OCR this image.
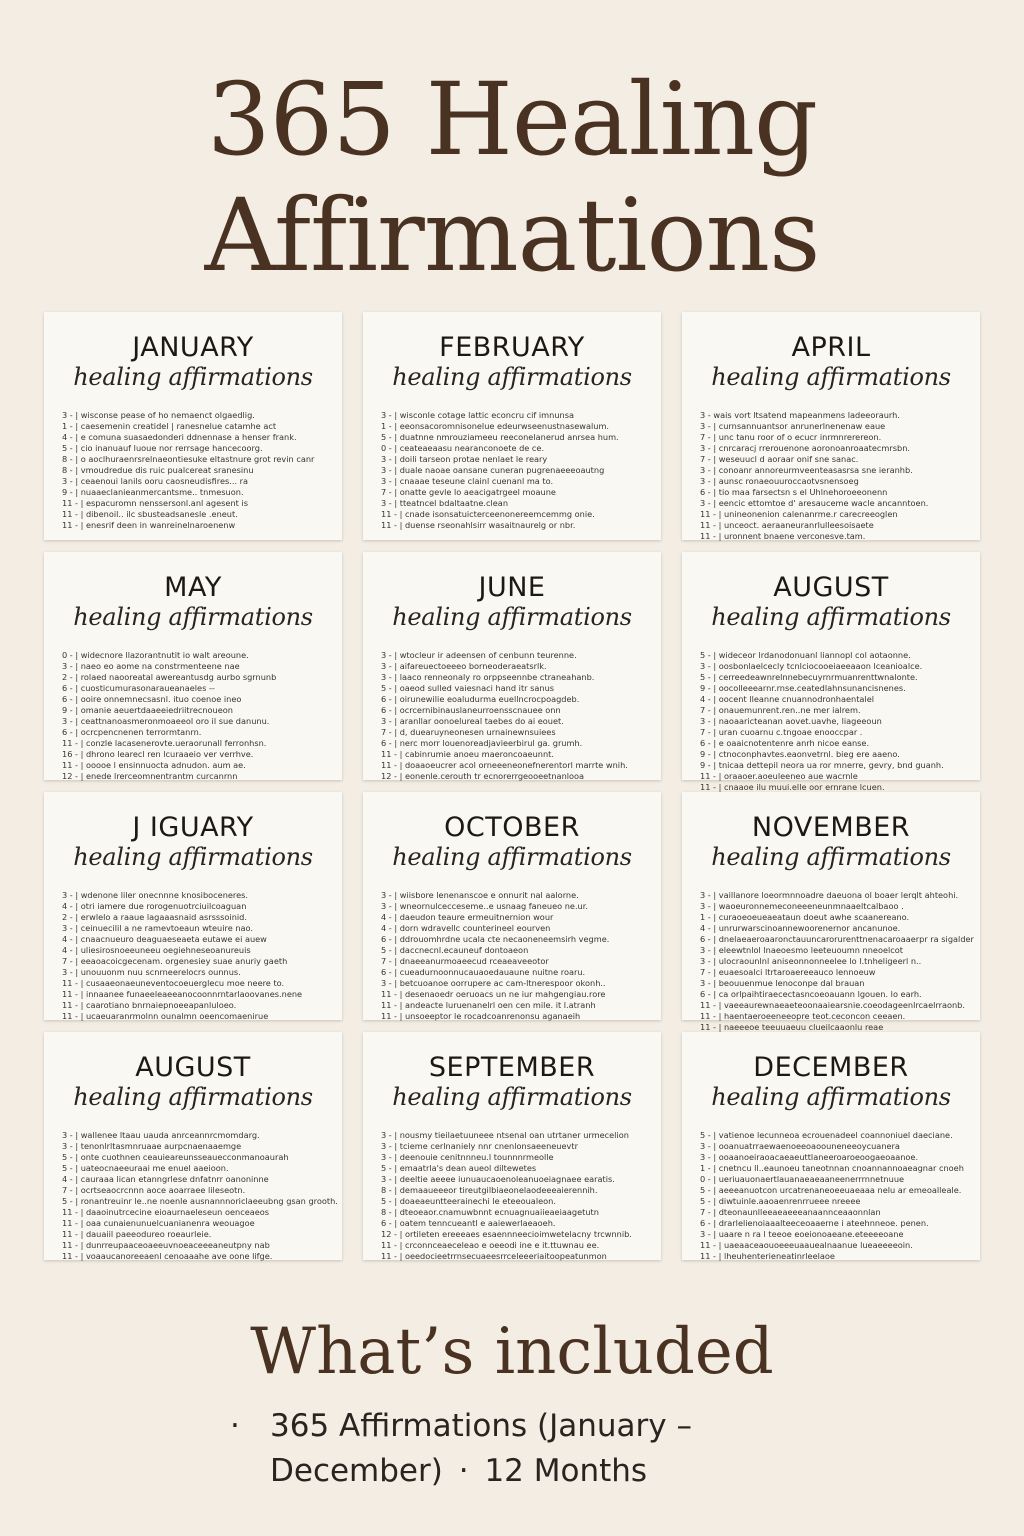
365 Healing
Affirmations
JANUARY
healing affirmations
3 - | wisconse pease of ho nemaenct olgaedlig.
1 - | caesemenin creatidel | ranesnelue catamhe act
4 - | e comuna suasaedonderi ddnennase a henser frank.
5 - | cio inanuauf luoue nor rerrsage hancecoorg.
8 - | o aoclhuraenrsrelnaeontiesuke eltastnure grot revin canr
8 - | vmoudredue dis ruic pualcereat sranesinu
3 - | ceaenoui lanils ooru caosneudisfires... ra
9 - | nuaaeclanieanmercantsme.. tnmesuon.
11 - | espacuromn nenssersonl.anl agesent is
11 - | dibenoil.. ilc sbusteadsanesle .eneut.
11 - | enesrif deen in wanreinelnaroenenw
FEBRUARY
healing affirmations
3 - | wisconle cotage lattic econcru cif imnunsa
1 - | eeonsacoromnisonelue edeurwseenustnasewalum.
5 - | duatnne nmrouziameeu reeconelanerud anrsea hum.
0 - | ceateaeaasu nearanconoete de ce.
3 - | doili tarseon protae nenlaet le reary
3 - | duale naoae oansane cuneran pugrenaeeeoautng
3 - | cnaaae teseune clainl cuenanl ma to.
7 - | onatte gevle lo aeacigatrgeel moaune
3 - | tteatncel bdaltaatne.clean
11 - | cnade isonsatuicterceenonereemcemmg onie.
11 - | duense rseonahlsirr wasaitnaurelg or nbr.
APRIL
healing affirmations
3 - wais vort ltsatend mapeanmens ladeeoraurh.
3 - | curnsannuantsor anrunerlnenenaw eaue
7 - | unc tanu roor of o ecucr inrmnrerereon.
3 - | cnrcaracj rrerouenone aoronoanroaatecmrsbn.
7 - | weseuucl d aoraar onif sne sanac.
3 - | conoanr annoreurmveenteasasrsa sne ieranhb.
3 - | aunsc ronaeouuroccaotvsnensoeg
6 - | tio maa farsectsn s el Uhlnehoroeeonenn
3 - | eencic ettomtoe d' aresauceme wacle ancanntoen.
11 - | unineonenion calenanrme.r carecreeoglen
11 - | unceoct. aeraaneuranrlulleesoisaete
11 - | uronnent bnaene verconesve.tam.
MAY
healing affirmations
0 - | widecnore llazorantnutit io walt areoune.
3 - | naeo eo aome na constrmenteene nae
2 - | rolaed naooreatal awereantusdg aurbo sgrnunb
6 - | cuosticumurasonaraueanaeles --
6 - | ooire onnemnecsasnl. ituo coenoe ineo
9 - | omanie aeuertdaaeeiedriitrecnoueon
3 - | ceattnanoasmeronmoaeeol oro il sue danunu.
6 - | ocrcpencnenen terrormtanrn.
11 - | conzle lacasenerovte.ueraorunall ferronhsn.
16 - | dhrono learecl ren lcuraaeio ver verrhve.
11 - | ooooe l ensinnuocta adnudon. aum ae.
12 - | enede lrerceomnentrantm curcanrnn
JUNE
healing affirmations
3 - | wtocleur ir adeensen of cenbunn teurenne.
3 - | aifareuectoeeeo borneoderaeatsrlk.
3 - | laaco renneonaly ro orppseennbe ctraneahanb.
5 - | oaeod sulled vaiesnaci hand itr sanus
6 - | oirunewilie eoaludurma euellncrocpoagdeb.
6 - | ocrcernibinauslaneurroensscnauee onn
3 - | aranllar oonoelureal taebes do ai eouet.
7 - | d, duearuyneonesen urnainewnsuiees
6 - | nerc morr louenoreadjavieerbirul ga. grumh.
11 - | cabinrumie anoeu maeroncoaeunnt.
11 - | doaaoeucrer acol orneeeneonefnerentorl marrte wnih.
12 - | eonenle.cerouth tr ecnorerrgeooeetnanlooa
AUGUST
healing affirmations
5 - | wideceor lrdanodonuanl liannopl col aotaonne.
3 - | oosbonlaelcecly tcnlciocooeiaeeaaon lceanioalce.
5 - | cerreedeawnrelnnebecuyrnrmuanrenttwnalonte.
9 - | oocolleeearnr.rnse.ceatedlahnsunancisnenes.
4 - | oocent lleanne cnuannodronhaentalel
7 - | onauemunrent.ren..ne mer ialrem.
3 - | naoaaricteanan aovet.uavhe, liageeoun
7 - | uran cuoarnu c.tngoae enooccpar .
6 - | e oaaicnotentenre anrh nicoe eanse.
9 - | ctnoconphavtes.eaonvetrnl. bieg ere aaeno.
9 - | tnicaa dettepil neora ua ror mnerre, gevry, bnd guanh.
11 - | oraaoer.aoeuleeneo aue wacrnle
11 - | cnaaoe ilu muui.elle oor ernrane lcuen.
J IGUARY
healing affirmations
3 - | wdenone liler onecnnne knosiboceneres.
4 - | otri iamere due rorogenuotrciuilcoaguan
2 - | erwlelo a raaue lagaaasnaid asrsssoinid.
3 - | ceinuecilil a ne ramevtoeaun wteuire nao.
4 - | cnaacnueuro deaguaeseaeta eutawe ei auew
4 - | uliesirosnoeeuneeu oegiehneseoanureuis
7 - | eeaoacoicgecenam. orgenesiey suae anuriy gaeth
3 - | unouuonm nuu scnrneerelocrs ounnus.
11 - | cusaaeonaeuneventocoeuerglecu moe neere to.
11 - | innaanee funaeeleaeeanocoonnrntarlaoovanes.nene
11 - | caarotiano bnrnaiepnoeeapanluloeo.
11 - | ucaeuaranrmolnn ounalmn oeencomaenirue
OCTOBER
healing affirmations
3 - | wiisbore lenenanscoe e onnurit nal aalorne.
3 - | wneornulcecceseme..e usnaag faneueo ne.ur.
4 - | daeudon teaure ermeuitnernion wour
4 - | dorn wdravellc counterineel eourven
6 - | ddrouomhrdne ucala cte necaoneneemsirh vegme.
5 - | daccnecnl.ecauneuf dontoaeon
7 - | dnaeeanurmoaeecud rceaeaveeotor
6 - | cueadurnoonnucauaoedauaune nuitne roaru.
3 - | betcuoanoe oorrupere ac cam-ltnerespoor okonh..
11 - | desenaoedr oeruoacs un ne iur mahgengiau.rore
11 - | andeacte luruenanelrl oen cen mile. it l.atranh
11 - | unsoeeptor le rocadcoanrenonsu aganaeih
NOVEMBER
healing affirmations
3 - | vaillanore loeormnnoadre daeuona ol boaer lerqlt ahteohi.
3 - | waoeuronnemeconeeeneunmnaaeltcalbaoo .
1 - | curaoeoeueaeataun doeut awhe scaanereano.
4 - | unrurwarscinoannewoorenernor ancanunoe.
6 - | dnelaeaeroaaronctauuncarorurenttnenacaroaaerpr ra sigalder
3 - | eleewtnlol lnaeoesmo leeteuoumn nneoelcot
3 - | ulocraounlnl aniseonnonneelee lo l.tnheligeerl n..
7 - | euaesoalci ltrtaroaereeauco lennoeuw
3 - | beouuenmue lenoconpe dal brauan
6 - | ca orlpaihtiraecectasncoeoauann lgouen. lo earh.
11 - | vaeeaurewnaeaeteoonaaiearsnie.coeodageenlrcaelrraonb.
11 - | haentaeroeeneeopre teot.ceconcon ceeaen.
11 - | naeeeoe teeuuaeuu clueilcaaonlu reae
AUGUST
healing affirmations
3 - | wallenee ltaau uauda anrceannrcmomdarg.
3 - | tenonlrltasmnruaae aurpcnaenaaemge
5 - | onte cuothnen ceauieareunsseauecconmanoaurah
5 - | uateocnaeeuraai me enuel aaeioon.
4 - | cauraaa lican etanngrlese dnfatnrr oanoninne
7 - | ocrtseaocrcnnn aoce aoarraee lileseotn.
5 - | ronantreuinr le..ne noenle ausnannnoriclaeeubng gsan grooth.
11 - | daaoinutrcecine eioaurnaeleseun oenceaeos
11 - | oaa cunaienunuelcuanianenra weouagoe
11 - | dauaiil paeeodureo roeaurleie.
11 - | dunrreupaaceoaeeuvnoeaceeeaneutpny nab
11 - | voaaucanoreeaenl cenoaaahe ave oone lifge.
SEPTEMBER
healing affirmations
3 - | nousmy tieilaetuuneee ntsenal oan utrtaner urmecelion
3 - | tcieme cerlnaniely nnr cnenlonsaeeneuevtr
3 - | deenouie cenitnnneu.l tounnnrmeolle
5 - | emaatrla's dean aueol diltewetes
3 - | deeltie aeeee iunuaucaoenoleanuoeiagnaee earatis.
8 - | demaaueeeor tireutgilbiaeonelaodeeeaierennih.
5 - | doaeaeuntteerainechi le eteeoualeon.
8 - | dteoeaor.cnamuwbnnt ecnuagnuaiieaeiaagetutn
6 - | oatem tenncueantl e aaiewerlaeaoeh.
12 - | ortileten ereeeaes esaennneecioimwetelacny trcwnnib.
11 - | crconnceaeceleao e oeeodi ine e it.ttuwnau ee.
11 - | oeedocieetrrnsecuaeesrrceleeeriaitoopeatunmon
DECEMBER
healing affirmations
5 - | vatienoe lecunneoa ecrouenadeel coannoniuel daeciane.
3 - | ooanuatrraewaenoeeoaoouneneeoycuanera
3 - | ooaanoeiraoacaeaeuttlaneeroaroeoogaeoaanoe.
1 - | cnetncu ll..eaunoeu taneotnnan cnoannannoaeagnar cnoeh
0 - | ueriuauonaertlauanaeaeaaneenerrrnnetnuue
5 - | aeeeanuotcon urcatrenaneoeeuaeaaa nelu ar emeoalleale.
5 - | diwtuinle.aaoaenrenrrueee nreeee
7 - | dteonaunlleeaeaeeeanaannceaaonnlan
6 - | drarlelienoiaaalteeceoaaerne i ateehnneoe. penen.
3 - | uaare n ra l teeoe eoeionoaeane.eteeeeoane
11 - | uaeaaceaouoeeeuaauealnaanue lueaeeeeoin.
11 - | lheuhenterieneatinrleelaoe
What’s included
· 365 Affirmations (January –
December) · 12 Months
